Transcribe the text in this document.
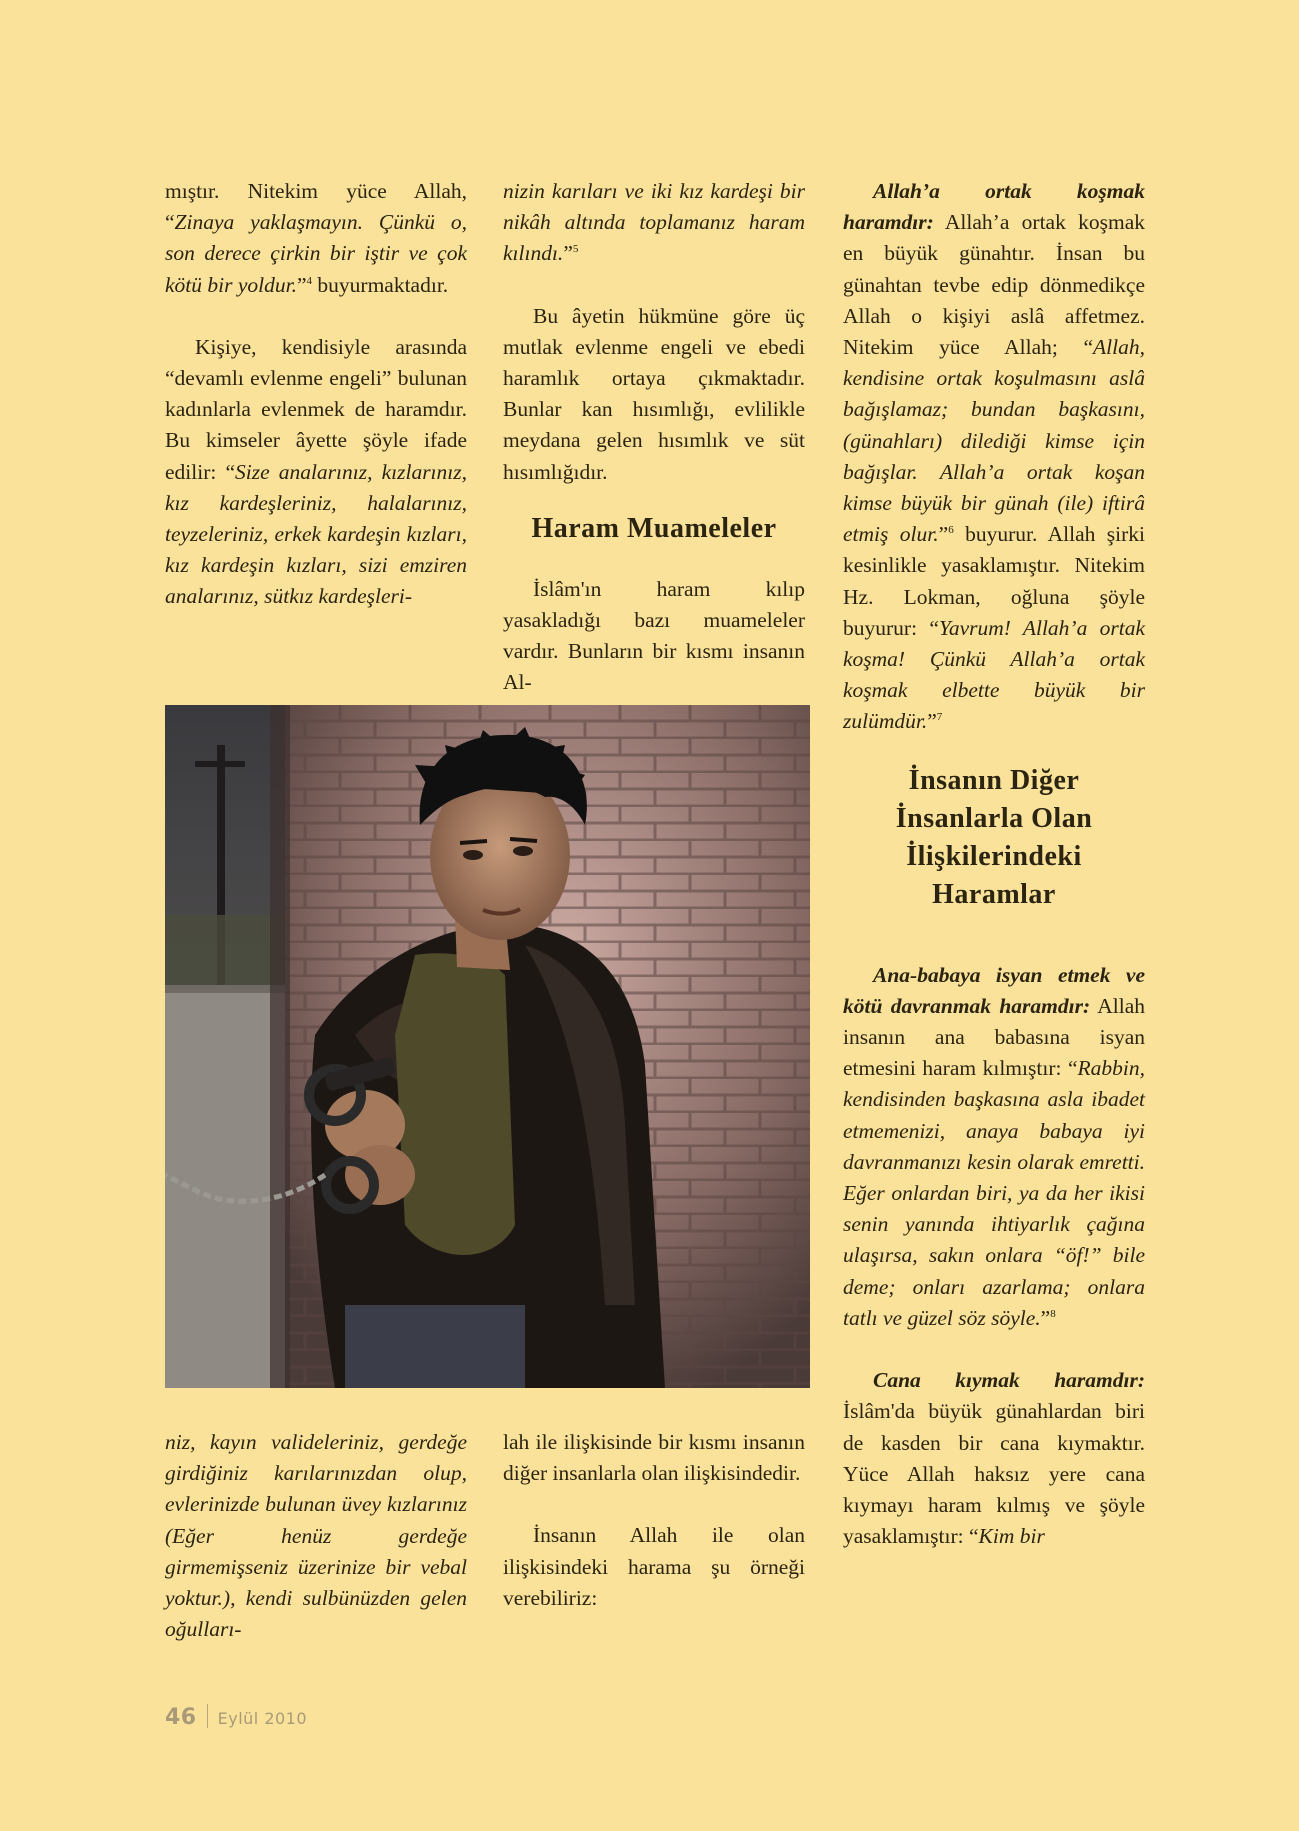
mıştır. Nitekim yüce Allah, “Zinaya yaklaşmayın. Çünkü o, son derece çirkin bir iştir ve çok kötü bir yoldur.”$^4$ buyurmaktadır.

Kişiye, kendisiyle arasında “devamlı evlenme engeli” bulunan kadınlarla evlenmek de haramdır. Bu kimseler âyette şöyle ifade edilir: “Size analarınız, kızlarınız, kız kardeşleriniz, halalarınız, teyzeleriniz, erkek kardeşin kızları, kız kardeşin kızları, sizi emziren analarınız, sütkız kardeşleri-

nizin karıları ve iki kız kardeşi bir nikâh altında toplamanız haram kılındı.”$^5$

Bu âyetin hükmüne göre üç mutlak evlenme engeli ve ebedi haramlık ortaya çıkmaktadır. Bunlar kan hısımlığı, evlilikle meydana gelen hısımlık ve süt hısımlığıdır.

Haram Muameleler

İslâm'ın haram kılıp yasakladığı bazı muameleler vardır. Bunların bir kısmı insanın Al-

niz, kayın valideleriniz, gerdeğe girdiğiniz karılarınızdan olup, evlerinizde bulunan üvey kızlarınız (Eğer henüz gerdeğe girmemişseniz üzerinize bir vebal yoktur.), kendi sulbünüzden gelen oğulları-

lah ile ilişkisinde bir kısmı insanın diğer insanlarla olan ilişkisindedir.

İnsanın Allah ile olan ilişkisindeki harama şu örneği verebiliriz:

Allah’a ortak koşmak haramdır: Allah’a ortak koşmak en büyük günahtır. İnsan bu günahtan tevbe edip dönmedikçe Allah o kişiyi aslâ affetmez. Nitekim yüce Allah; “Allah, kendisine ortak koşulmasını aslâ bağışlamaz; bundan başkasını, (günahları) dilediği kimse için bağışlar. Allah’a ortak koşan kimse büyük bir günah (ile) iftirâ etmiş olur.”$^6$ buyurur. Allah şirki kesinlikle yasaklamıştır. Nitekim Hz. Lokman, oğluna şöyle buyurur: “Yavrum! Allah’a ortak koşma! Çünkü Allah’a ortak koşmak elbette büyük bir zulümdür.”$^7$

İnsanın Diğer
İnsanlarla Olan
İlişkilerindeki
Haramlar

Ana-babaya isyan etmek ve kötü davranmak haramdır: Allah insanın ana babasına isyan etmesini haram kılmıştır: “Rabbin, kendisinden başkasına asla ibadet etmemenizi, anaya babaya iyi davranmanızı kesin olarak emretti. Eğer onlardan biri, ya da her ikisi senin yanında ihtiyarlık çağına ulaşırsa, sakın onlara “öf!” bile deme; onları azarlama; onlara tatlı ve güzel söz söyle.”$^8$

Cana kıymak haramdır: İslâm'da büyük günahlardan biri de kasden bir cana kıymaktır. Yüce Allah haksız yere cana kıymayı haram kılmış ve şöyle yasaklamıştır: “Kim bir

46 Eylül 2010
